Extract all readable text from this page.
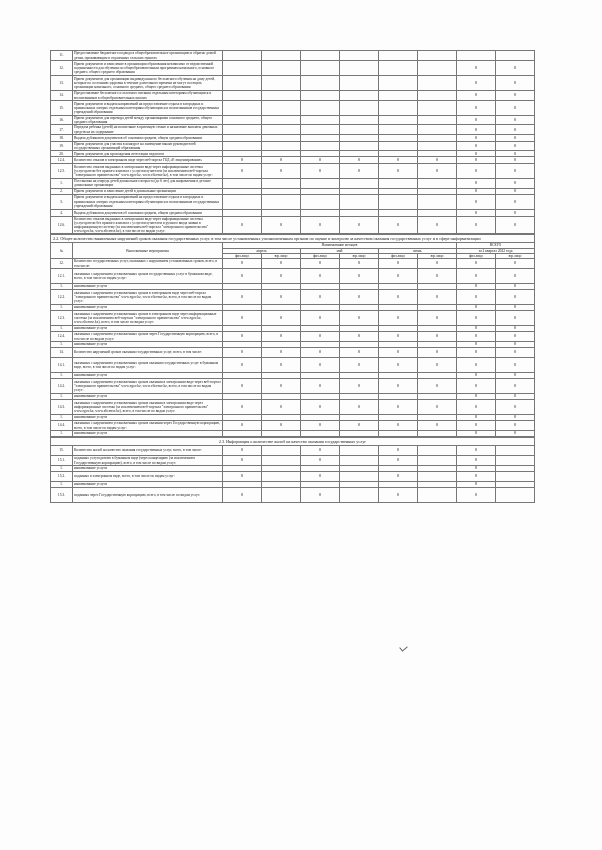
11.	Предоставление бюджетного подвода в общеобразовательное организацию и обратно домой детям, проживающим в отдаленных сельских пунктах								
12.	Прием документов и зачисление в организации образования независимо от ведомственной подчиненности для обучения по общеобразовательным программам начального, основного среднего, общего среднего образования							0	0
13.	Прием документов для организации индивидуального бесплатного обучения на дому детей, которые по состоянию здоровья в течение длительного времени не могут посещать организации начального, основного среднего, общего среднего образования							0	0
14.	Предоставление бесплатного и льготного питания отдельным категориям обучающихся и воспитанников в общеобразовательных школах							0	0
15.	Прием документов и выдача направлений на предоставление отдыха в загородных и пришкольных лагерях отдельным категориям обучающихся и воспитанников государственных учреждений образования							0	0
16.	Прием документов для перевода детей между организациями основного среднего, общего среднего образования							0	0
17.	Передача ребенка (детей) на воспитание в приемную семью и назначение выплаты денежных средств на их содержание							0	0
18.	Выдача дубликатов документов об основном среднем, общем среднем образовании							0	0
19.	Прием документов для участия в конкурсе на замещение вакант руководителей государственных организаций образования							0	0
20.	Прием документов для прохождения аттестации педагогов							0	0
12.4.	Количество отказов в электронном виде через веб-портал ГБД «Е-лицензирование»	0	0	0	0	0	0	0	0
12.5.	Количество отказов выданных в электронном виде через информационные системы (услугодатели без прямого кэнтакта с услугополучателем (за исключением веб-портала "электронного правительства" www.egov.kz, www.elicense.kz), в том числе по видам услуг:	0	0	0	0	0	0	0	0
1.	Постановка на очередь детей дошкольного возраста (до 6 лет) для направления в детские дошкольные организации							0	0
2.	Прием документов и зачисление детей в дошкольные организации							0	0
3.	Прием документов и выдача направлений на предоставление отдыха в загородных и пришкольных лагерях отдельным категориям обучающихся и воспитанников государственных учреждений образования							0	0
4.	Выдача дубликатов документов об основном среднем, общем среднем образовании							0	0
12.6.	Количество отказов выданных в электронном виде через информационные системы (услугодатели без прямого кэнтакта с услугополучателем и ручного ввода заявки в информационную систему (за исключением веб-портала "электронного правительства" www.egov.kz, www.elicense.kz), в том числе по видам услуг:	0	0	0	0	0	0	0	0
2.2. Общее количество выявленных нарушений сроков оказания государственных услуг, в том числе установленных уполномоченным органом по оценке и контролю за качеством оказания государственных услуг и в сфере информатизации
№	Выполненные мероприятия	Наименование месяцев						ВСЕГО	
		апрель		май		июнь		за 2 квартал 2022 года	
		физ.лицо	юр.лицо	физ.лицо	юр.лицо	физ.лицо	юр.лицо	физ.лицо	юр.лицо
12.	Количество государственных услуг, оказанных с нарушением установленных сроков, всего, в том числе:	0	0	0	0	0	0	0	0
12.1.	оказанных с нарушением установленных сроков государственных услуг в бумажном виде, всего, в том числе по видам услуг:	0	0	0	0	0	0	0	0
1.	наименование услуги							0	0
12.2.	оказанных с нарушением установленных сроков в электронном виде через веб-портал "электронного правительства" www.egov.kz, www.elicense.kz, всего, в том числе по видам услуг:	0	0	0	0	0	0	0	0
1.	наименование услуги							0	0
12.3.	оказанных с нарушением установленных сроков в электронном виде через информационные системы (за исключением веб-портала "электронного правительства" www.egov.kz, www.elicense.kz), всего, в том числе по видам услуг:	0	0	0	0	0	0	0	0
1.	наименование услуги							0	0
12.4.	оказанных с нарушением установленных сроков через Государственную корпорацию, всего, в том числе по видам услуг:	0	0	0	0	0	0	0	0
1.	наименование услуги							0	0
14.	Количество нарушений сроков оказания государственных услуг, всего, в том числе:	0	0	0	0	0	0	0	0
14.1.	оказанных с нарушением установленных сроков оказания государственных услуг в бумажном виде, всего, в том числе по видам услуг:	0	0	0	0	0	0	0	0
1.	наименование услуги							0	0
14.2.	оказанных с нарушением установленных сроков оказания в электронном виде через веб-портал "электронного правительства" www.egov.kz, www.elicense.kz, всего, в том числе по видам услуг:	0	0	0	0	0	0	0	0
1.	наименование услуги							0	0
14.3.	оказанных с нарушением установленных сроков оказания в электронном виде через информационные системы (за исключением веб-портала "электронного правительства" www.egov.kz, www.elicense.kz), всего, в том числе по видам услуг:	0	0	0	0	0	0	0	0
1.	наименование услуги							0	0
14.4.	оказанных с нарушением установленных сроков оказания через Государственную корпорацию, всего, в том числе по видам услуг:	0	0	0	0	0	0	0	0
1.	наименование услуги							0	0
2.3. Информация о количестве жалоб на качество оказания государственных услуг
15.	Количество жалоб на качество оказания государственных услуг, всего, в том числе:	0		0		0		0	
15.1.	поданных услугодателю в бумажном виде (через канцелярию (за исключением Государственную корпорацию), всего, в том числе по видам услуг:	0		0		0		0	
1.	наименование услуги							0	
15.2.	поданных в электронном виде, всего, в том числе по видам услуг:	0		0		0		0	
1.	наименование услуги							0	
15.3.	поданных через Государственную корпорацию, всего, в том числе по видам услуг:	0		0		0		0	
